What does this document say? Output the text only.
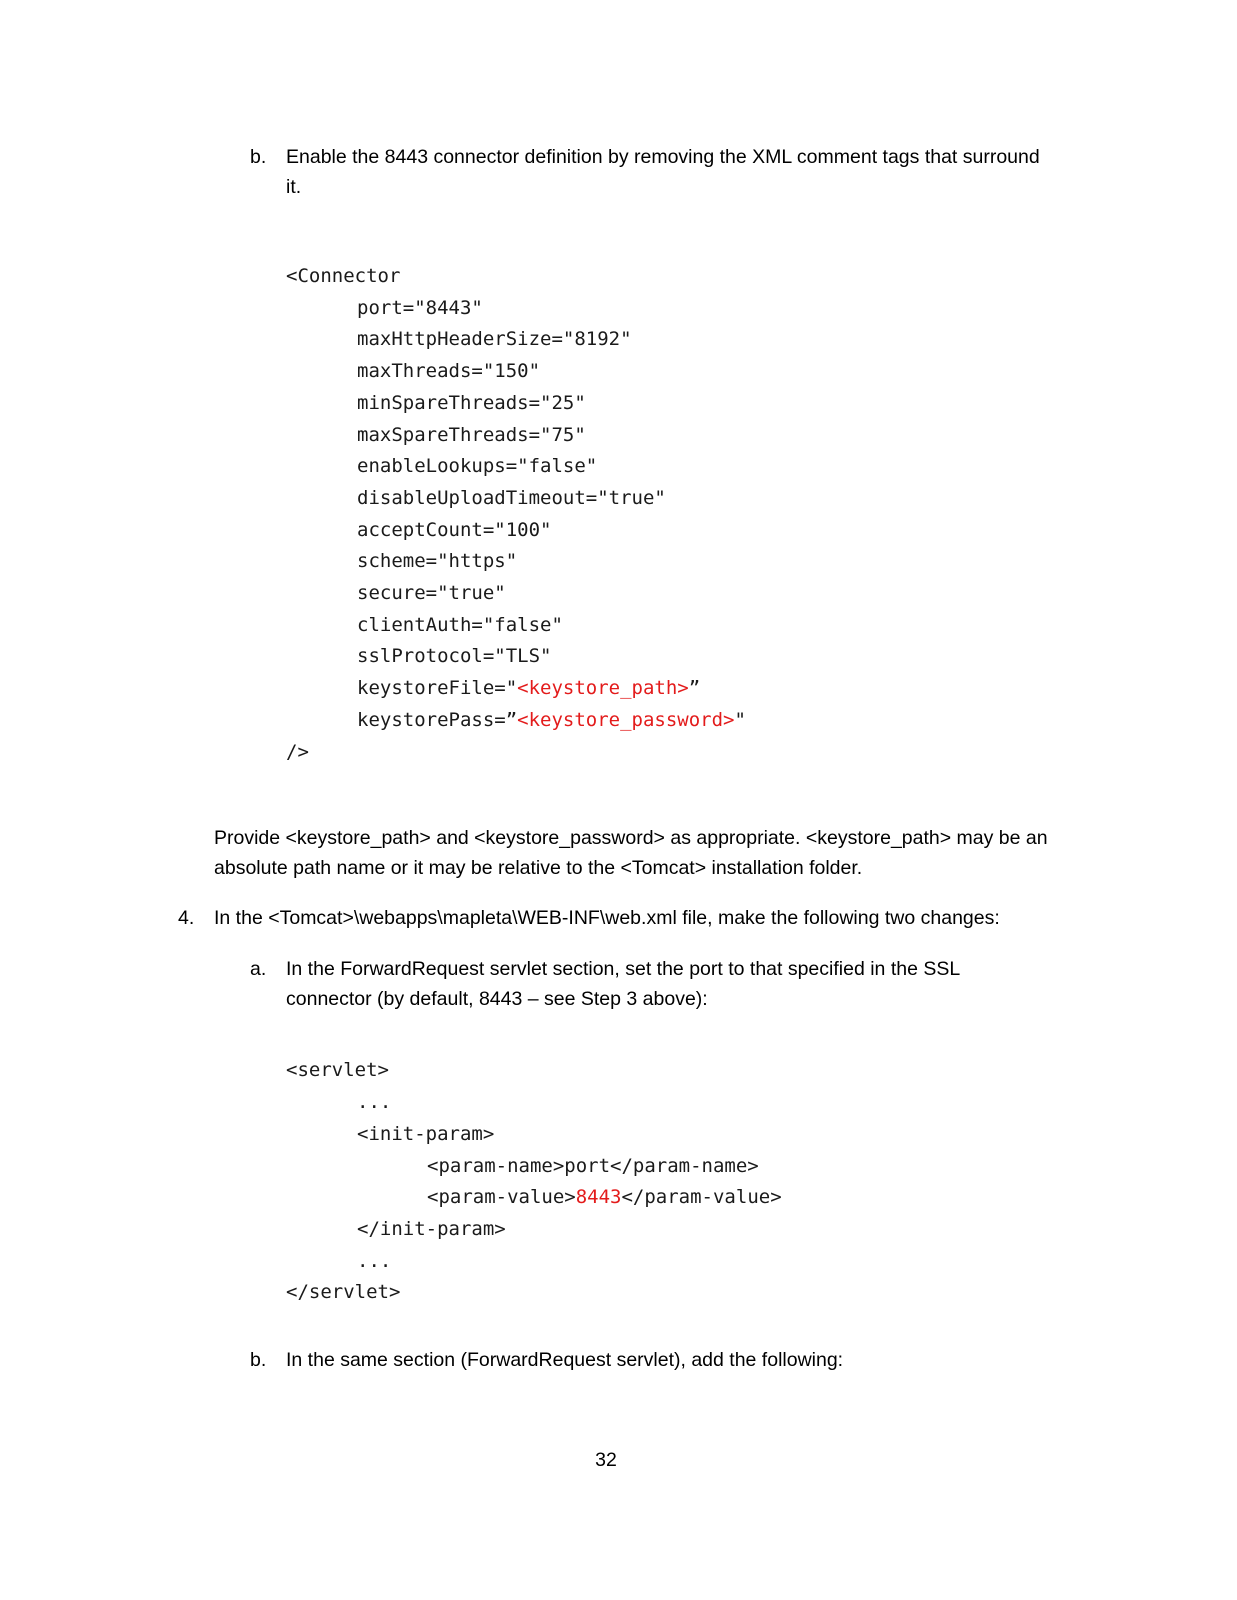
b. Enable the 8443 connector definition by removing the XML comment tags that surround
it.
<Connector
port="8443"
maxHttpHeaderSize="8192"
maxThreads="150"
minSpareThreads="25"
maxSpareThreads="75"
enableLookups="false"
disableUploadTimeout="true"
acceptCount="100"
scheme="https"
secure="true"
clientAuth="false"
sslProtocol="TLS"
keystoreFile="<keystore_path>”
keystorePass=”<keystore_password>"
/>
Provide <keystore_path> and <keystore_password> as appropriate. <keystore_path> may be an
absolute path name or it may be relative to the <Tomcat> installation folder.
4. In the <Tomcat>\webapps\mapleta\WEB-INF\web.xml file, make the following two changes:
a. In the ForwardRequest servlet section, set the port to that specified in the SSL
connector (by default, 8443 – see Step 3 above):
<servlet>
...
<init-param>
<param-name>port</param-name>
<param-value>8443</param-value>
</init-param>
...
</servlet>
b. In the same section (ForwardRequest servlet), add the following:
32
